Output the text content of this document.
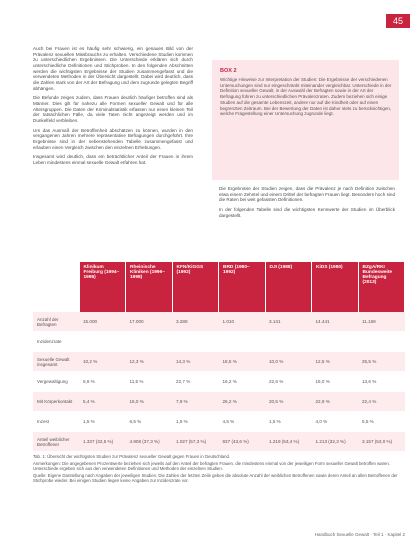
45

Auch bei Frauen ist es häufig sehr schwierig, ein genaues Bild von der Prävalenz sexuellen Missbrauchs zu erhalten. Verschiedene Studien kommen zu unterschiedlichen Ergebnissen. Die Unterschiede erklären sich durch unterschiedliche Definitionen und Stichproben. In den folgenden Abschnitten werden die wichtigsten Ergebnisse der Studien zusammengefasst und die verwendeten Methoden in der Übersicht dargestellt. Dabei wird deutlich, dass die Zahlen stark von der Art der Befragung und dem zugrunde gelegten Begriff abhängen.

Die Befunde zeigen zudem, dass Frauen deutlich häufiger betroffen sind als Männer. Dies gilt für nahezu alle Formen sexueller Gewalt und für alle Altersgruppen. Die Daten der Kriminalstatistik erfassen nur einen kleinen Teil der tatsächlichen Fälle, da viele Taten nicht angezeigt werden und im Dunkelfeld verbleiben.

Um das Ausmaß der Betroffenheit abschätzen zu können, wurden in den vergangenen Jahren mehrere repräsentative Befragungen durchgeführt. Ihre Ergebnisse sind in der nebenstehenden Tabelle zusammengefasst und erlauben einen Vergleich zwischen den einzelnen Erhebungen.

Insgesamt wird deutlich, dass ein beträchtlicher Anteil der Frauen in ihrem Leben mindestens einmal sexuelle Gewalt erfahren hat.

BOX 2
Wichtige Hinweise zur Interpretation der Studien: Die Ergebnisse der verschiedenen Untersuchungen sind nur eingeschränkt miteinander vergleichbar. Unterschiede in der Definition sexueller Gewalt, in der Auswahl der Befragten sowie in der Art der Befragung führen zu unterschiedlichen Prävalenzraten. Zudem beziehen sich einige Studien auf die gesamte Lebenszeit, andere nur auf die Kindheit oder auf einen begrenzten Zeitraum. Bei der Bewertung der Daten ist daher stets zu berücksichtigen, welche Fragestellung einer Untersuchung zugrunde liegt.

Die Ergebnisse der Studien zeigen, dass die Prävalenz je nach Definition zwischen etwa einem Zehntel und einem Drittel der befragten Frauen liegt. Besonders hoch sind die Raten bei weit gefassten Definitionen.

In der folgenden Tabelle sind die wichtigsten Kennwerte der Studien im Überblick dargestellt.

	Klinikum Freiburg (1994–1995)	Rheinische Kliniken (1996–1998)	KFN/KiGGS (1992)	BRD (1980–1992)	DJI (1988)	KiDS (1980)	BZgA/RKI Bundesweite Befragung (2013)
Anzahl der Befragten	15.000	17.000	3.289	1.010	3.141	14.441	11.169
Inzidenzrate							
Sexuelle Gewalt insgesamt	10,2 %	12,3 %	14,3 %	18,5 %	10,0 %	12,5 %	25,5 %
Vergewaltigung	5,6 %	11,5 %	22,7 %	16,2 %	22,6 %	16,0 %	13,6 %
Mit Körperkontakt	5,4 %	16,0 %	7,9 %	26,2 %	20,5 %	22,9 %	22,4 %
Inzest	1,5 %	6,5 %	1,5 %	4,5 %	1,5 %	4,0 %	5,5 %
Anteil weiblicher Betroffener	1.337 (32,5 %)	4.908 (37,3 %)	1.027 (57,3 %)	937 (43,6 %)	1.219 (53,4 %)	1.213 (32,3 %)	3.157 (53,0 %)

Tab. 1: Übersicht der wichtigsten Studien zur Prävalenz sexueller Gewalt gegen Frauen in Deutschland.

Anmerkungen: Die angegebenen Prozentwerte beziehen sich jeweils auf den Anteil der befragten Frauen, die mindestens einmal von der jeweiligen Form sexueller Gewalt betroffen waren. Unterschiede ergeben sich aus den verwendeten Definitionen und Methoden der einzelnen Studien.

Quelle: Eigene Darstellung nach Angaben der jeweiligen Studien. Die Zahlen der letzten Zeile geben die absolute Anzahl der weiblichen Betroffenen sowie deren Anteil an allen Betroffenen der Stichprobe wieder. Bei einigen Studien liegen keine Angaben zur Inzidenzrate vor.

Handbuch Sexuelle Gewalt · Teil 1 · Kapitel 2
